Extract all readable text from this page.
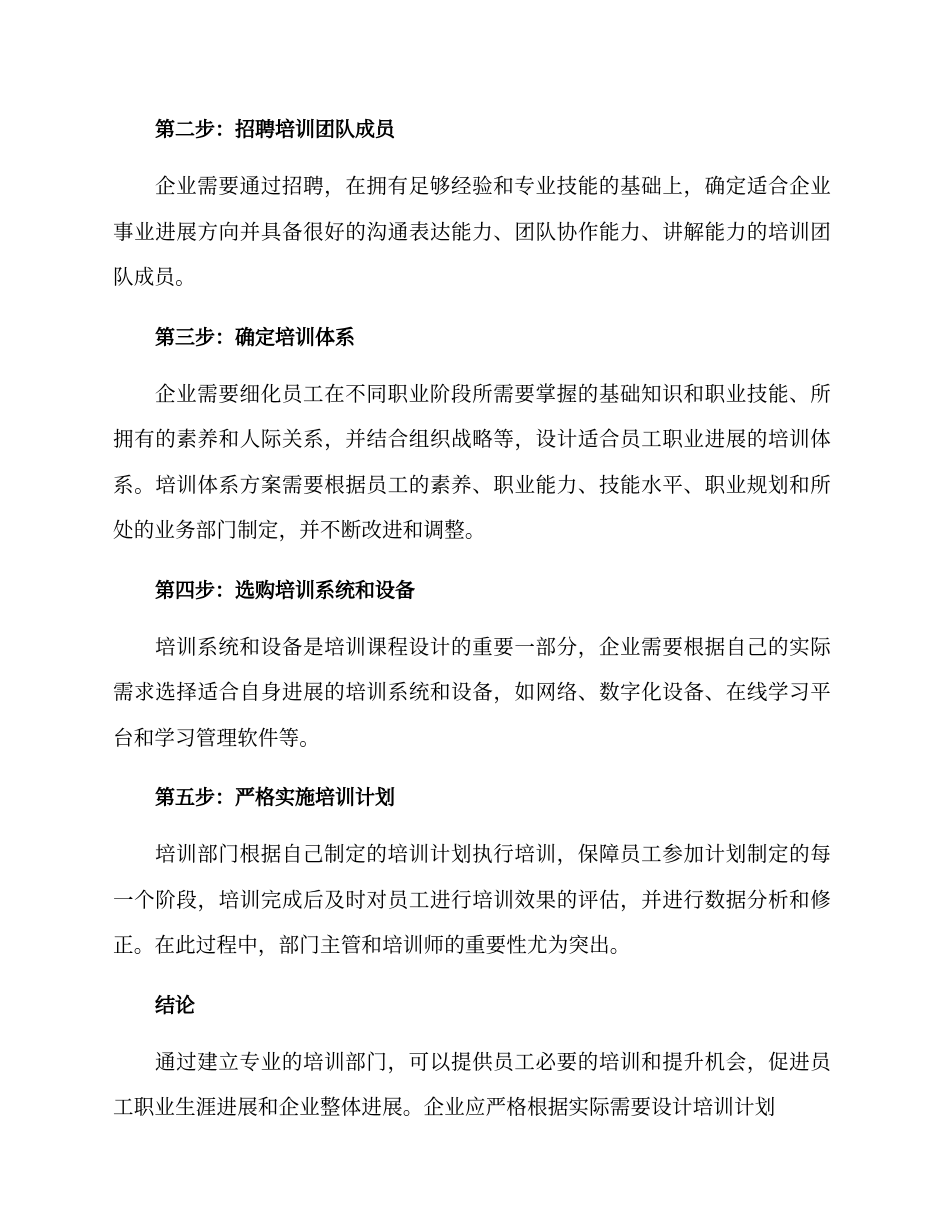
第二步：招聘培训团队成员

企业需要通过招聘，在拥有足够经验和专业技能的基础上，确定适合企业事业进展方向并具备很好的沟通表达能力、团队协作能力、讲解能力的培训团队成员。

第三步：确定培训体系

企业需要细化员工在不同职业阶段所需要掌握的基础知识和职业技能、所拥有的素养和人际关系，并结合组织战略等，设计适合员工职业进展的培训体系。培训体系方案需要根据员工的素养、职业能力、技能水平、职业规划和所处的业务部门制定，并不断改进和调整。

第四步：选购培训系统和设备

培训系统和设备是培训课程设计的重要一部分，企业需要根据自己的实际需求选择适合自身进展的培训系统和设备，如网络、数字化设备、在线学习平台和学习管理软件等。

第五步：严格实施培训计划

培训部门根据自己制定的培训计划执行培训，保障员工参加计划制定的每一个阶段，培训完成后及时对员工进行培训效果的评估，并进行数据分析和修正。在此过程中，部门主管和培训师的重要性尤为突出。

结论

通过建立专业的培训部门，可以提供员工必要的培训和提升机会，促进员工职业生涯进展和企业整体进展。企业应严格根据实际需要设计培训计划
